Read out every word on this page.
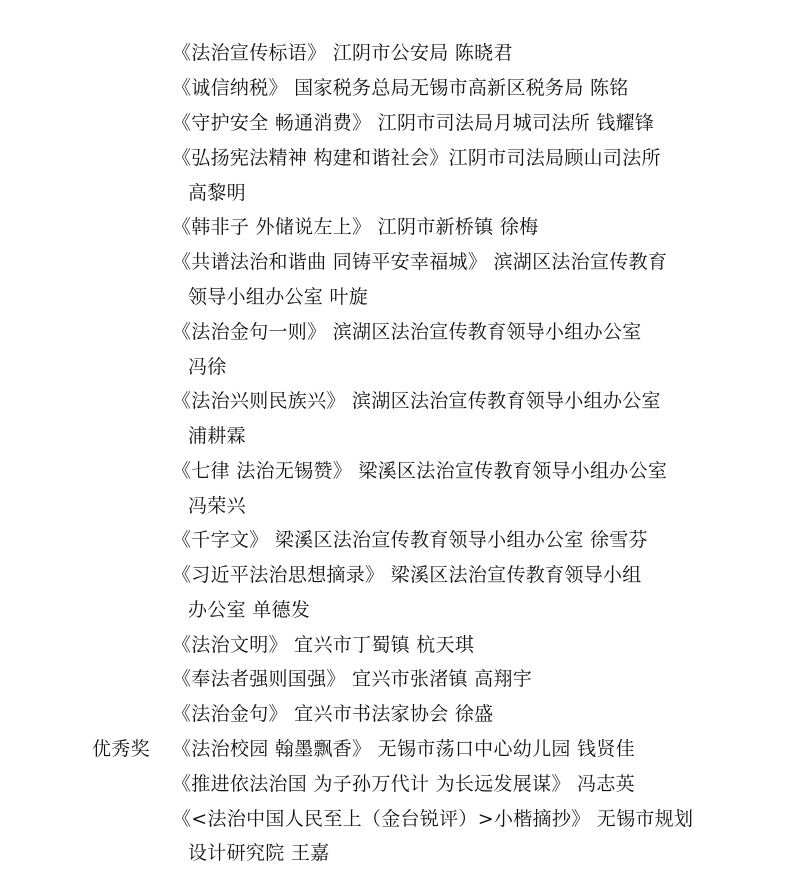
《法治宣传标语》 江阴市公安局 陈晓君
《诚信纳税》 国家税务总局无锡市高新区税务局 陈铭
《守护安全 畅通消费》 江阴市司法局月城司法所 钱耀锋
《弘扬宪法精神 构建和谐社会》江阴市司法局顾山司法所
高黎明
《韩非子 外储说左上》 江阴市新桥镇 徐梅
《共谱法治和谐曲 同铸平安幸福城》 滨湖区法治宣传教育
领导小组办公室 叶旋
《法治金句一则》 滨湖区法治宣传教育领导小组办公室
冯徐
《法治兴则民族兴》 滨湖区法治宣传教育领导小组办公室
浦耕霖
《七律 法治无锡赞》 梁溪区法治宣传教育领导小组办公室
冯荣兴
《千字文》 梁溪区法治宣传教育领导小组办公室 徐雪芬
《习近平法治思想摘录》 梁溪区法治宣传教育领导小组
办公室 单德发
《法治文明》 宜兴市丁蜀镇 杭天琪
《奉法者强则国强》 宜兴市张渚镇 高翔宇
《法治金句》 宜兴市书法家协会 徐盛
优秀奖 《法治校园 翰墨飘香》 无锡市荡口中心幼儿园 钱贤佳
《推进依法治国 为子孙万代计 为长远发展谋》 冯志英
《<法治中国人民至上（金台锐评）>小楷摘抄》 无锡市规划
设计研究院 王嘉
